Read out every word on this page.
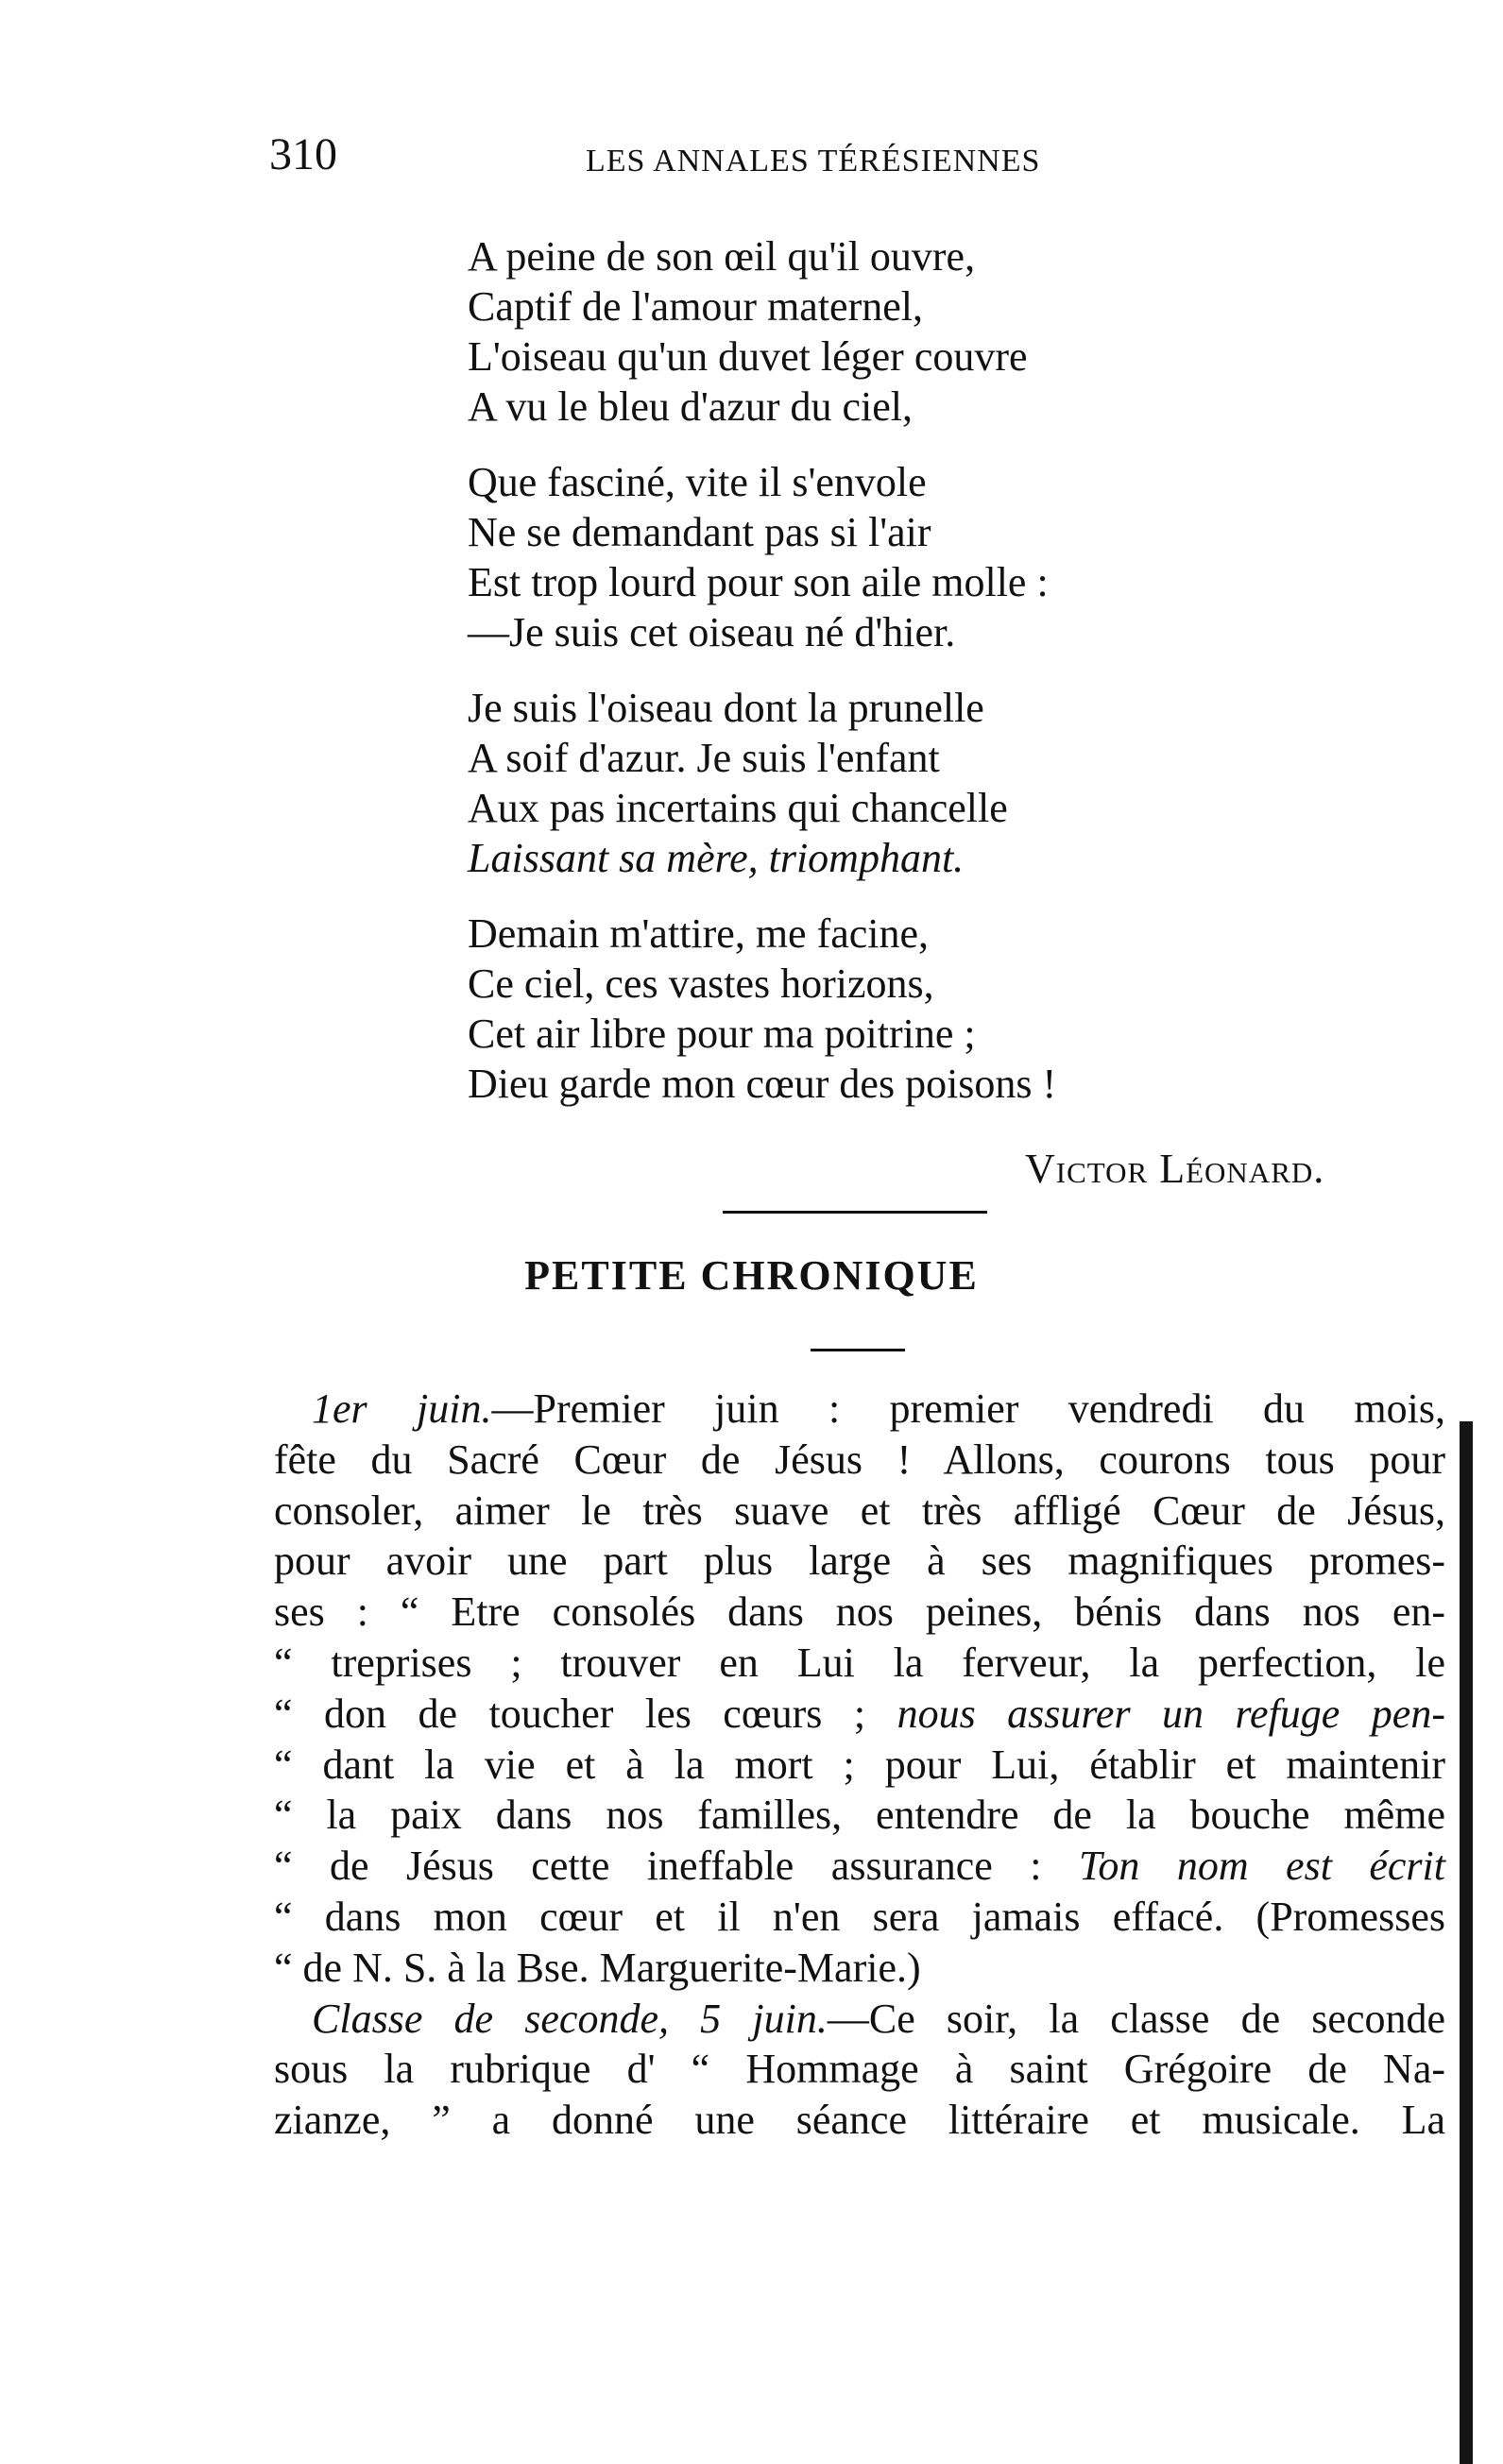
310	LES ANNALES TÉRÉSIENNES
A peine de son œil qu'il ouvre,
Captif de l'amour maternel,
L'oiseau qu'un duvet léger couvre
A vu le bleu d'azur du ciel,
Que fasciné, vite il s'envole
Ne se demandant pas si l'air
Est trop lourd pour son aile molle :
—Je suis cet oiseau né d'hier.
Je suis l'oiseau dont la prunelle
A soif d'azur. Je suis l'enfant
Aux pas incertains qui chancelle
Laissant sa mère, triomphant.
Demain m'attire, me facine,
Ce ciel, ces vastes horizons,
Cet air libre pour ma poitrine ;
Dieu garde mon cœur des poisons !
Victor Léonard.
PETITE CHRONIQUE
1er juin.—Premier juin : premier vendredi du mois,
fête du Sacré Cœur de Jésus ! Allons, courons tous pour
consoler, aimer le très suave et très affligé Cœur de Jésus,
pour avoir une part plus large à ses magnifiques promes-
ses : “ Etre consolés dans nos peines, bénis dans nos en-
“ treprises ; trouver en Lui la ferveur, la perfection, le
“ don de toucher les cœurs ; nous assurer un refuge pen-
“ dant la vie et à la mort ; pour Lui, établir et maintenir
“ la paix dans nos familles, entendre de la bouche même
“ de Jésus cette ineffable assurance : Ton nom est écrit
“ dans mon cœur et il n'en sera jamais effacé. (Promesses
“ de N. S. à la Bse. Marguerite-Marie.)
Classe de seconde, 5 juin.—Ce soir, la classe de seconde
sous la rubrique d' “ Hommage à saint Grégoire de Na-
zianze, ” a donné une séance littéraire et musicale. La
